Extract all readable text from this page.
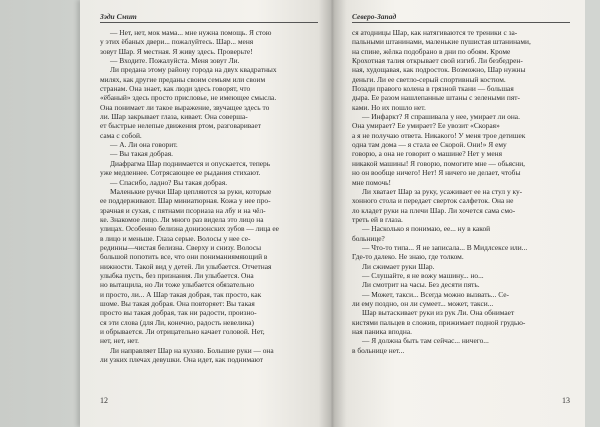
Зэди Смит
— Нет, нет, мок мама... мне нужна помощь. Я стою
у этих ёбаных двери... пожалуйтесь. Шар... меня
зовут Шар. Я местная. Я живу здесь. Проверьте!
— Входите. Пожалуйста. Меня зовут Ли.
Ли предана этому району города на двух квадратных
милях, как другие преданы своим семьям или своим
странам. Она знает, как люди здесь говорят, что
«ёбаный» здесь просто присловье, не имеющее смысла.
Она понимает ли такое выражение, звучащее здесь то
ли. Шар закрывает глаза, кивает. Она соверша-
ет быстрые нелепые движения ртом, разговаривает
сама с собой.
— А. Ли она говорит.
— Вы такая добрая.
Диафрагма Шар поднимается и опускается, теперь
уже медленнее. Сотрясающее ее рыдания стихают.
— Спасибо, ладно? Вы такая добрая.
Маленькие ручки Шар цепляются за руки, которые
ее поддерживают. Шар миниатюрная. Кожа у нее про-
зрачная и сухая, с пятнами псориаза на лбу и на чёл-
ке. Знакомое лицо. Ли много раз видела это лицо на
улицах. Особенно белизна донизонских зубов — лица ее
в лицо и меньше. Глаза серые. Волосы у нее се-
рединны—чистая белизна. Сверху и снизу. Волосы
большой попотить все, что они пониманиямяющий в
нижности. Такой вид у детей. Ли улыбается. Отчетная
улыбка пусть, без признания. Ли улыбается. Она
но вытащила, но Ли тоже улыбается обязательно
и просто, ли... А Шар такая добрая, так просто, как
шоме. Вы такая добрая. Она повторяет: Вы такая
просто вы такая добрая, так ни радости, произно-
ся эти слова (для Ли, конечно, радость невелика)
и обрывается. Ли отрицательно качает головой. Нет,
нет, нет, нет.
Ли направляет Шар на кухню. Большие руки — она
ли узких плечах девушки. Она идет, как поднимают
12
Северо-Запад
ся атодницы Шар, как натягиваются те треники с за-
пальными штанинами, маленькие пушистая штанинами,
на спине, жёлка подобрано в дни по обоям. Кроме
Крохотная талия открывает свой изгиб. Ли безбедрен-
ная, худощавая, как подросток. Возможно, Шар нужны
деньги. Ли ее светло-серый спортивный костюм.
Позади правого колена в грязной ткани — большая
дыра. Ее разом нашлепанные штаны с зелеными пят-
ками. Но их пошло нет.
— Инфаркт? Я спрашивала у нее, умирает ли она.
Она умирает? Ее умирает? Ее увозит «Скорая»
а я не получаю ответа. Никакого! У меня трое детишек
одна там дома — я стала ее Скорой. Они!» Я ему
говорю, а она не говорит о машине? Нет у меня
никакой машины! Я говорю, помогите мне — обьясни,
но он вообще ничего! Нет! Я ничего не делает, чтобы
мне помочь!
Ли хватает Шар за руку, усаживает ее на стул у ку-
хонного стола и передает сверток салфеток. Она не
ло кладет руки на плечи Шар. Ли хочется сама смо-
треть ей в глаза.
— Насколько я понимаю, ее... ну в какой
больнице?
— Что-то типа... Я не записала... В Мидлсексе или...
Где-то далеко. Не знаю, где толком.
Ли сжимает руки Шар.
— Слушайте, я не вожу машину... но...
Ли смотрит на часы. Без десяти пять.
— Может, такси... Всегда можно вызвать... Се-
ли ему поздно, он ли сумеет... может, такси...
Шар вытаскивает руки из рук Ли. Она обнимает
кистями пальцев в сложив, прижимает подной грудью-
ная паника вподна.
— Я должна быть там сейчас... ничего...
в больнице нет...
13
